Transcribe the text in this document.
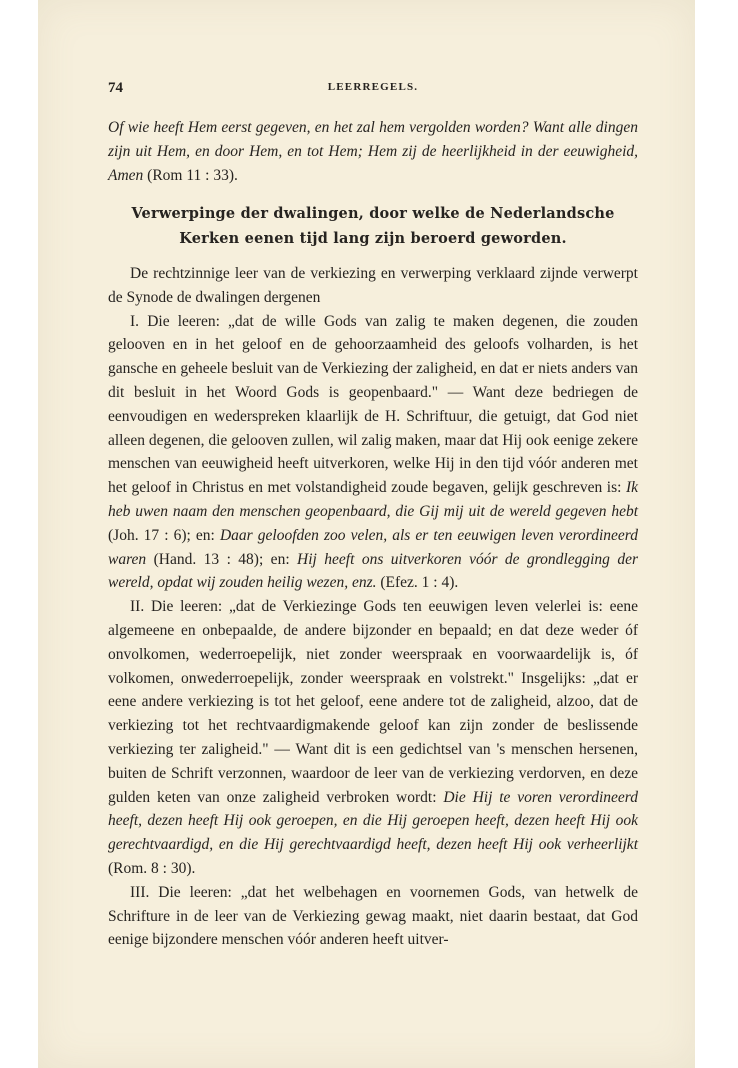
74	LEERREGELS.
Of wie heeft Hem eerst gegeven, en het zal hem vergolden worden? Want alle dingen zijn uit Hem, en door Hem, en tot Hem; Hem zij de heerlijkheid in der eeuwigheid, Amen (Rom 11 : 33).
Verwerpinge der dwalingen, door welke de Nederlandsche Kerken eenen tijd lang zijn beroerd geworden.

De rechtzinnige leer van de verkiezing en verwerping verklaard zijnde verwerpt de Synode de dwalingen dergenen

I. Die leeren: „dat de wille Gods van zalig te maken degenen, die zouden gelooven en in het geloof en de gehoorzaamheid des geloofs volharden, is het gansche en geheele besluit van de Verkiezing der zaligheid, en dat er niets anders van dit besluit in het Woord Gods is geopenbaard." — Want deze bedriegen de eenvoudigen en wederspreken klaarlijk de H. Schriftuur, die getuigt, dat God niet alleen degenen, die gelooven zullen, wil zalig maken, maar dat Hij ook eenige zekere menschen van eeuwigheid heeft uitverkoren, welke Hij in den tijd vóór anderen met het geloof in Christus en met volstandigheid zoude begaven, gelijk geschreven is: Ik heb uwen naam den menschen geopenbaard, die Gij mij uit de wereld gegeven hebt (Joh. 17 : 6); en: Daar geloofden zoo velen, als er ten eeuwigen leven verordineerd waren (Hand. 13 : 48); en: Hij heeft ons uitverkoren vóór de grondlegging der wereld, opdat wij zouden heilig wezen, enz. (Efez. 1 : 4).

II. Die leeren: „dat de Verkiezinge Gods ten eeuwigen leven velerlei is: eene algemeene en onbepaalde, de andere bijzonder en bepaald; en dat deze weder óf onvolkomen, wederroepelijk, niet zonder weerspraak en voorwaardelijk is, óf volkomen, onwederroepelijk, zonder weerspraak en volstrekt." Insgelijks: „dat er eene andere verkiezing is tot het geloof, eene andere tot de zaligheid, alzoo, dat de verkiezing tot het rechtvaardigmakende geloof kan zijn zonder de beslissende verkiezing ter zaligheid." — Want dit is een gedichtsel van 's menschen hersenen, buiten de Schrift verzonnen, waardoor de leer van de verkiezing verdorven, en deze gulden keten van onze zaligheid verbroken wordt: Die Hij te voren verordineerd heeft, dezen heeft Hij ook geroepen, en die Hij geroepen heeft, dezen heeft Hij ook gerechtvaardigd, en die Hij gerechtvaardigd heeft, dezen heeft Hij ook verheerlijkt (Rom. 8 : 30).

III. Die leeren: „dat het welbehagen en voornemen Gods, van hetwelk de Schrifture in de leer van de Verkiezing gewag maakt, niet daarin bestaat, dat God eenige bijzondere menschen vóór anderen heeft uitver-
